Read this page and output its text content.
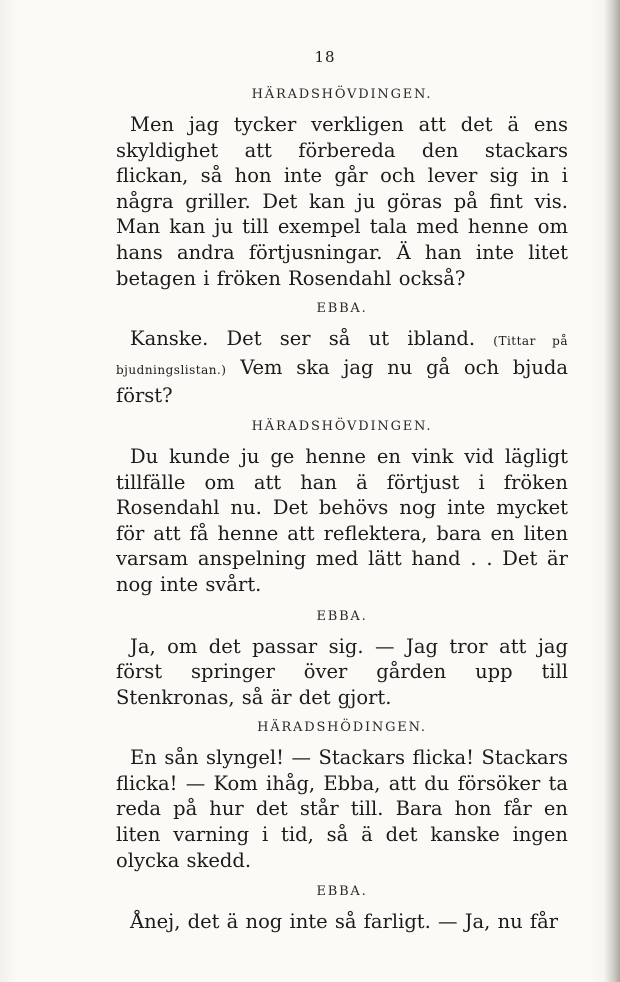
18
HÄRADSHÖVDINGEN.

Men jag tycker verkligen att det ä ens skyldighet att förbereda den stackars flickan, så hon inte går och lever sig in i några griller. Det kan ju göras på fint vis. Man kan ju till exempel tala med henne om hans andra förtjusningar. Ä han inte litet betagen i fröken Rosendahl också?

EBBA.

Kanske. Det ser så ut ibland. (Tittar på bjudningslistan.) Vem ska jag nu gå och bjuda först?

HÄRADSHÖVDINGEN.

Du kunde ju ge henne en vink vid lägligt tillfälle om att han ä förtjust i fröken Rosendahl nu. Det behövs nog inte mycket för att få henne att reflektera, bara en liten varsam anspelning med lätt hand . . Det är nog inte svårt.

EBBA.

Ja, om det passar sig. — Jag tror att jag först springer över gården upp till Stenkronas, så är det gjort.

HÄRADSHÖDINGEN.

En sån slyngel! — Stackars flicka! Stackars flicka! — Kom ihåg, Ebba, att du försöker ta reda på hur det står till. Bara hon får en liten varning i tid, så ä det kanske ingen olycka skedd.

EBBA.

Ånej, det ä nog inte så farligt. — Ja, nu får
